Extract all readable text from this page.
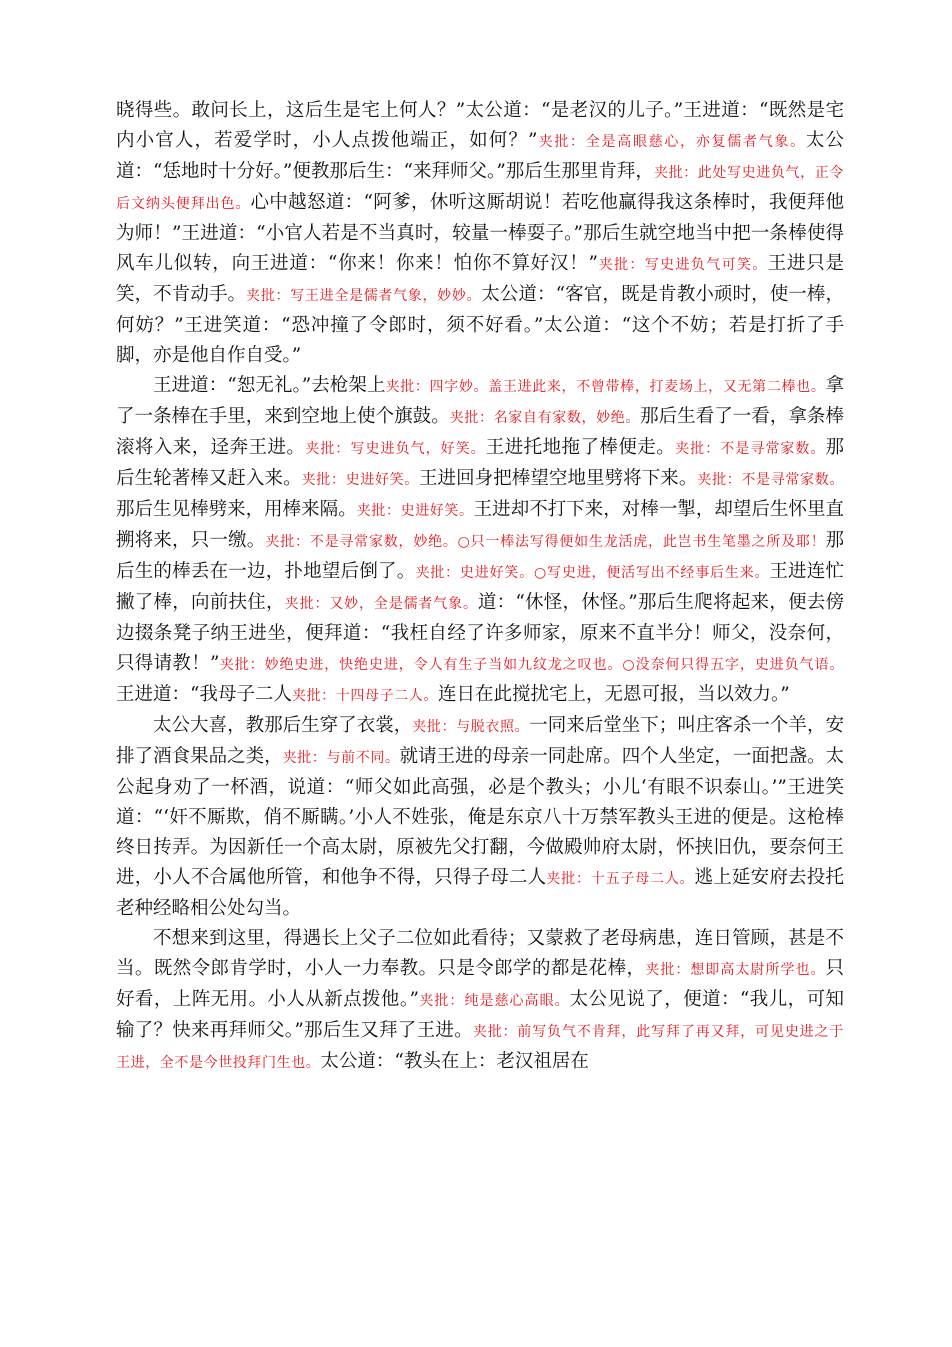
晓得些。敢问长上，这后生是宅上何人？”太公道：“是老汉的儿子。”王进道：“既然是宅内小官人，若爱学时，小人点拨他端正，如何？”夹批：全是高眼慈心，亦复儒者气象。太公道：“恁地时十分好。”便教那后生：“来拜师父。”那后生那里肯拜，夹批：此处写史进负气，正令后文纳头便拜出色。心中越怒道：“阿爹，休听这厮胡说！若吃他赢得我这条棒时，我便拜他为师！”王进道：“小官人若是不当真时，较量一棒耍子。”那后生就空地当中把一条棒使得风车儿似转，向王进道：“你来！你来！怕你不算好汉！”夹批：写史进负气可笑。王进只是笑，不肯动手。夹批：写王进全是儒者气象，妙妙。太公道：“客官，既是肯教小顽时，使一棒，何妨？”王进笑道：“恐冲撞了令郎时，须不好看。”太公道：“这个不妨；若是打折了手脚，亦是他自作自受。”

王进道：“恕无礼。”去枪架上夹批：四字妙。盖王进此来，不曾带棒，打麦场上，又无第二棒也。拿了一条棒在手里，来到空地上使个旗鼓。夹批：名家自有家数，妙绝。那后生看了一看，拿条棒滚将入来，迳奔王进。夹批：写史进负气，好笑。王进托地拖了棒便走。夹批：不是寻常家数。那后生轮著棒又赶入来。夹批：史进好笑。王进回身把棒望空地里劈将下来。夹批：不是寻常家数。那后生见棒劈来，用棒来隔。夹批：史进好笑。王进却不打下来，对棒一掣，却望后生怀里直搠将来，只一缴。夹批：不是寻常家数，妙绝。○只一棒法写得便如生龙活虎，此岂书生笔墨之所及耶！那后生的棒丢在一边，扑地望后倒了。夹批：史进好笑。○写史进，便活写出不经事后生来。王进连忙撇了棒，向前扶住，夹批：又妙，全是儒者气象。道：“休怪，休怪。”那后生爬将起来，便去傍边掇条凳子纳王进坐，便拜道：“我枉自经了许多师家，原来不直半分！师父，没奈何，只得请教！”夹批：妙绝史进，快绝史进，令人有生子当如九纹龙之叹也。○没奈何只得五字，史进负气语。王进道：“我母子二人夹批：十四母子二人。连日在此搅扰宅上，无恩可报，当以效力。”

太公大喜，教那后生穿了衣裳，夹批：与脱衣照。一同来后堂坐下；叫庄客杀一个羊，安排了酒食果品之类，夹批：与前不同。就请王进的母亲一同赴席。四个人坐定，一面把盏。太公起身劝了一杯酒，说道：“师父如此高强，必是个教头；小儿‘有眼不识泰山。’”王进笑道：“‘奸不厮欺，俏不厮瞒。’小人不姓张，俺是东京八十万禁军教头王进的便是。这枪棒终日抟弄。为因新任一个高太尉，原被先父打翻，今做殿帅府太尉，怀挟旧仇，要奈何王进，小人不合属他所管，和他争不得，只得子母二人夹批：十五子母二人。逃上延安府去投托老种经略相公处勾当。

不想来到这里，得遇长上父子二位如此看待；又蒙救了老母病患，连日管顾，甚是不当。既然令郎肯学时，小人一力奉教。只是令郎学的都是花棒，夹批：想即高太尉所学也。只好看，上阵无用。小人从新点拨他。”夹批：纯是慈心高眼。太公见说了，便道：“我儿，可知输了？快来再拜师父。”那后生又拜了王进。夹批：前写负气不肯拜，此写拜了再又拜，可见史进之于王进，全不是今世投拜门生也。太公道：“教头在上：老汉祖居在
